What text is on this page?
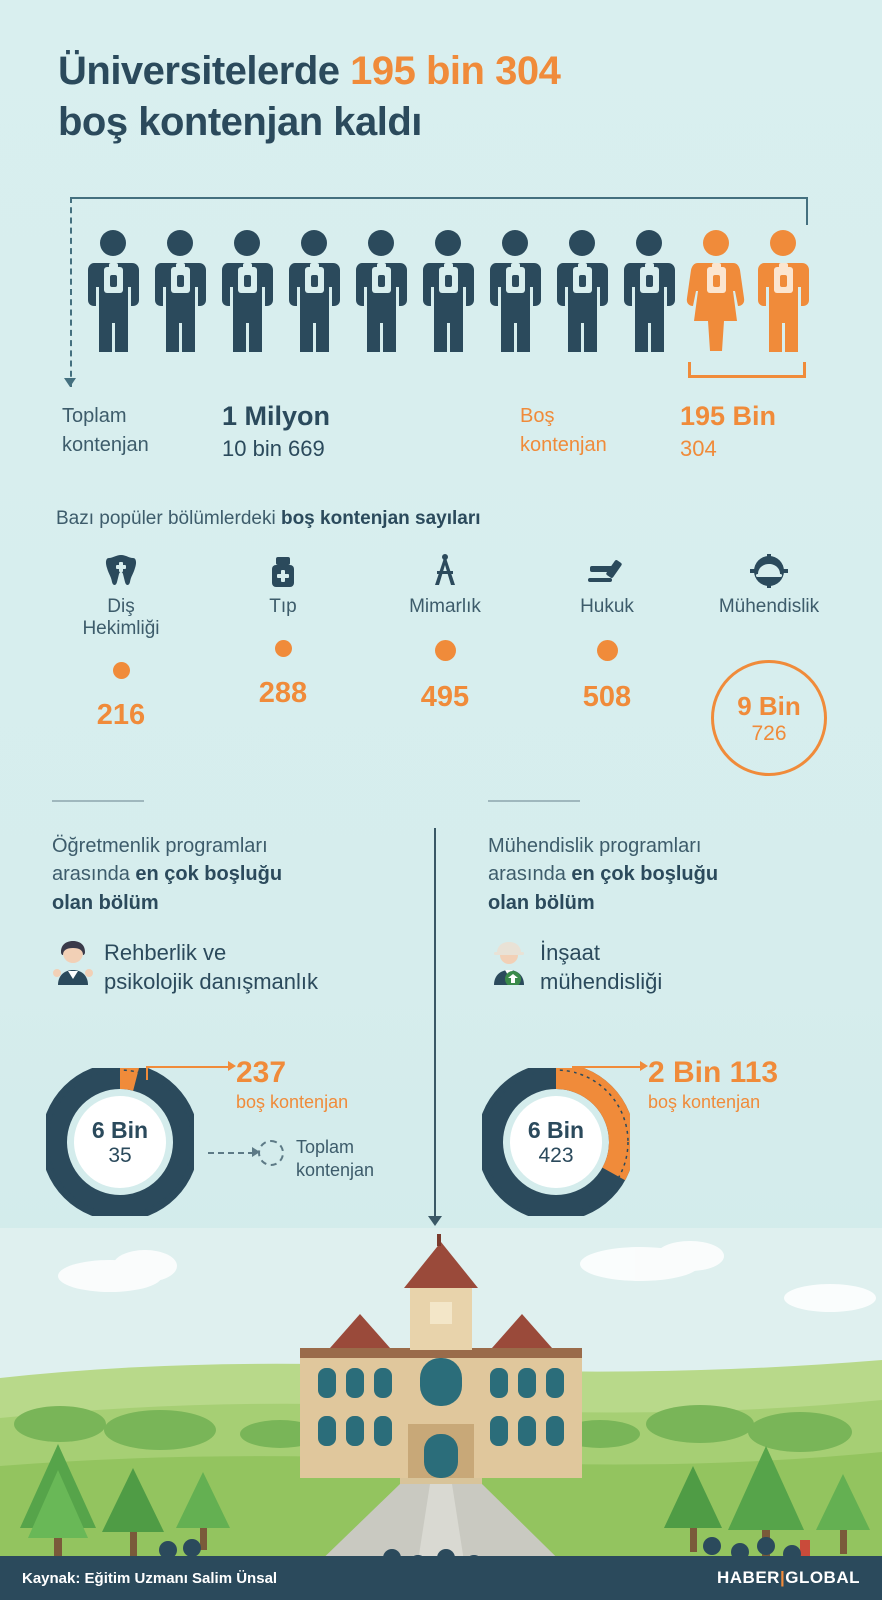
Üniversitelerde 195 bin 304
boş kontenjan kaldı
Toplam
kontenjan
1 Milyon
10 bin 669
Boş
kontenjan
195 Bin
304
Bazı popüler bölümlerdeki boş kontenjan sayıları
Diş
Hekimliği
216
Tıp
288
Mimarlık
495
Hukuk
508
Mühendislik
9 Bin
726
Öğretmenlik programları
arasında en çok boşluğu
olan bölüm
Rehberlik ve
psikolojik danışmanlık
Mühendislik programları
arasında en çok boşluğu
olan bölüm
İnşaat
mühendisliği
6 Bin
35
237
boş kontenjan
Toplam
kontenjan
6 Bin
423
2 Bin 113
boş kontenjan
Kaynak: Eğitim Uzmanı Salim Ünsal	HABER|GLOBAL
